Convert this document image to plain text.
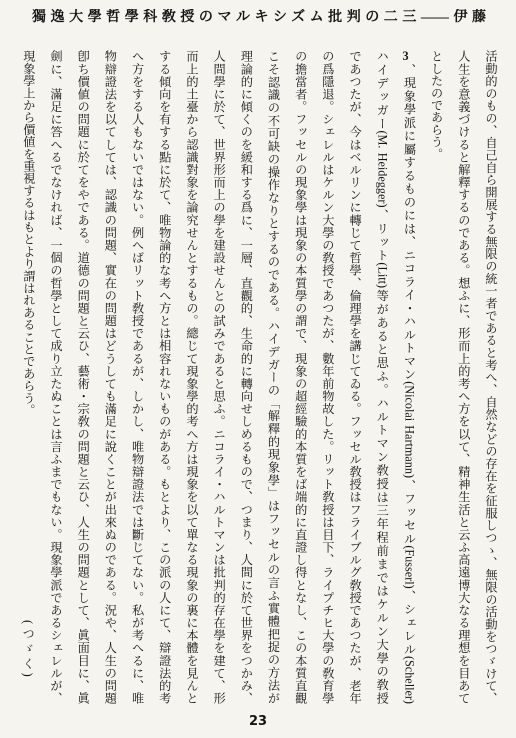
獨逸大學哲學科敎授のマルキシズム批判の二三——伊藤
活動的のもの、自己自ら開展する無限の統一者であると考へ、自然などの存在を征服しつゝ、無限の活動をつゞけて、
人生を意義づけると解釋するのである。想ふに、形而上的考へ方を以て、精神生活と云ふ高遠博大なる理想を目あて
としたのであらう。
3、現象學派に屬するものには、ニコライ・ハルトマン(Nicolai Hartmann)、フッセル(Fusserl)、シェレル(Scheller)
ハイデッガー(M. Heidegger)、リット(Litt)等があると思ふ。ハルトマン敎授は三年程前まではケルン大學の敎授
であつたが、今はベルリンに轉じて哲學、倫理學を講じてゐる。フッセル敎授はフライブルグ敎授であつたが、老年
の爲隱退。シェレルはケルン大學の敎授であつたが、數年前物故した。リット敎授は目下、ライプチヒ大學の敎育學
の擔當者。フッセルの現象學は現象の本質學の謂で、現象の超經驗的本質をば端的に直證し得となし、この本質直觀
こそ認識の不可缺の操作なりとするのである。ハイデガーの「解釋的現象學」はフッセルの言ふ實體把捉の方法が
理論的に傾くのを緩和する爲に、一層、直觀的、生命的に轉向せしめるもので、つまり、人間に於て世界をつかみ、
人間學に於て、世界形而上の學を建設せんとの試みであると思ふ。ニコライ・ハルトマンは批判的存在學を建て、形
而上的土臺から認識對象を論究せんとするもの。總じて現象學的考へ方は現象を以て單なる現象の裏に本體を見んと
する傾向を有する點に於て、唯物論的な考へ方とは相容れないものがある。もとより、この派の人にて、辯證法的考
へ方をする人もないではない。例へばリット敎授であるが、しかし、唯物辯證法では斷じてない。私が考へるに、唯
物辯證法を以てしては、認識の問題、實在の問題はどうしても滿足に說くことが出來ぬのである。況や、人生の問題
卽ち價値の問題に於てをやである。道德の問題と云ひ、藝術・宗敎の問題と云ひ、人生の問題として、眞面目に、眞
劍に、滿足に答へるでなければ、一個の哲學として成り立たぬことは言ふまでもない。現象學派であるシェレルが、
現象學上から價値を重視するはもとより謂はれあることであらう。
(つゞく)
23
